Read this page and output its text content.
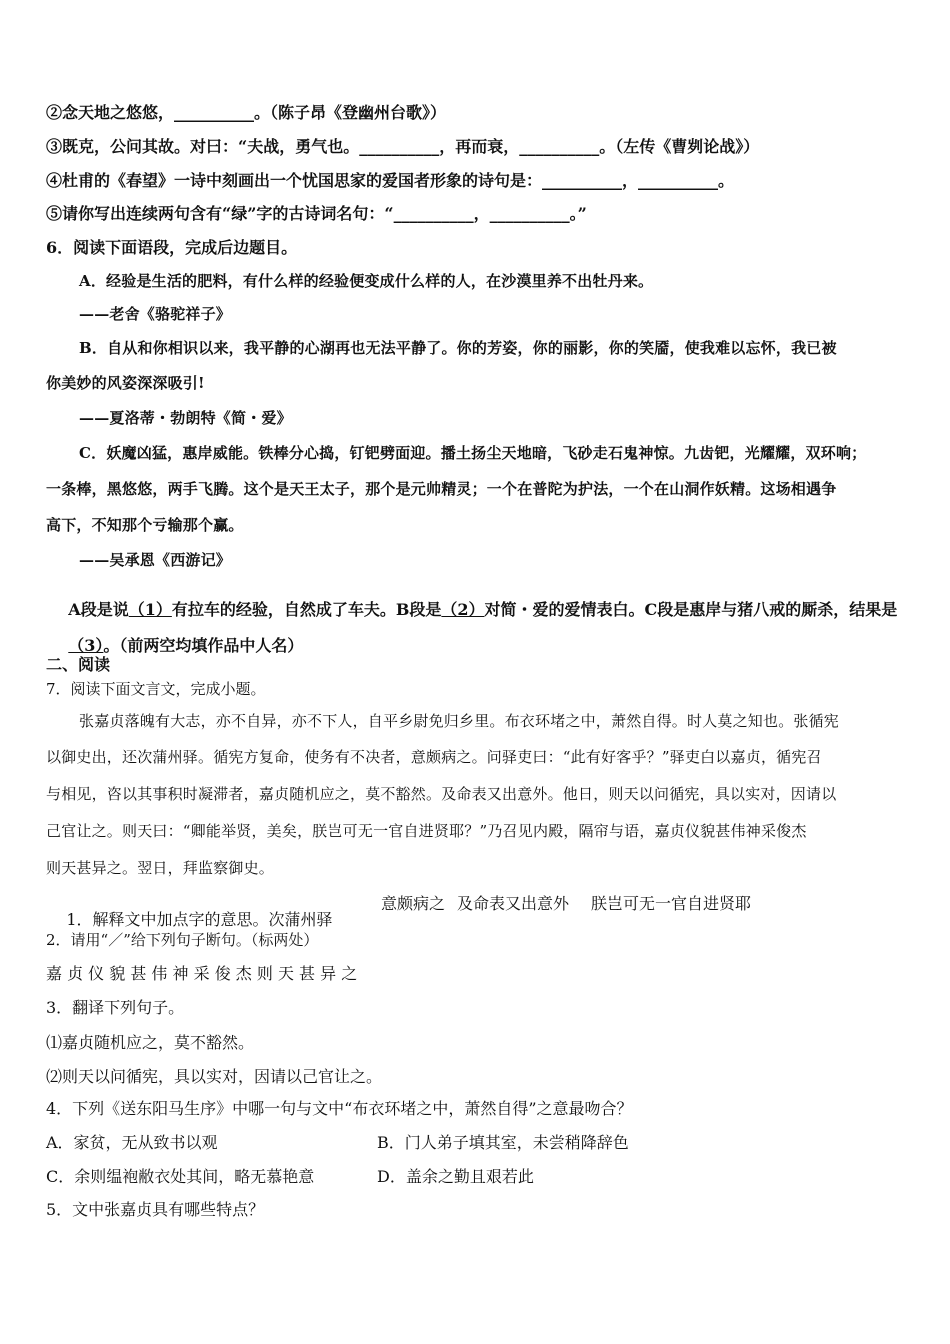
②念天地之悠悠，__________。（陈子昂《登幽州台歌》）
③既克，公问其故。对曰：“夫战，勇气也。__________，再而衰，__________。（左传《曹刿论战》）
④杜甫的《春望》一诗中刻画出一个忧国思家的爱国者形象的诗句是：__________，__________。
⑤请你写出连续两句含有“绿”字的古诗词名句：“__________，__________。”
6．阅读下面语段，完成后边题目。
A．经验是生活的肥料，有什么样的经验便变成什么样的人，在沙漠里养不出牡丹来。
——老舍《骆驼祥子》
B．自从和你相识以来，我平静的心湖再也无法平静了。你的芳姿，你的丽影，你的笑靥，使我难以忘怀，我已被
你美妙的风姿深深吸引!
——夏洛蒂・勃朗特《简・爱》
C．妖魔凶猛，惠岸威能。铁棒分心捣，钉钯劈面迎。播土扬尘天地暗，飞砂走石鬼神惊。九齿钯，光耀耀，双环响；
一条棒，黑悠悠，两手飞腾。这个是天王太子，那个是元帅精灵；一个在普陀为护法，一个在山洞作妖精。这场相遇争
高下，不知那个亏输那个赢。
——吴承恩《西游记》

A段是说（1）有拉车的经验，自然成了车夫。B段是（2）对简・爱的爱情表白。C段是惠岸与猪八戒的厮杀，结果是

（3）。（前两空均填作品中人名）

二、阅读
7．阅读下面文言文，完成小题。
张嘉贞落魄有大志，亦不自异，亦不下人，自平乡尉免归乡里。布衣环堵之中，萧然自得。时人莫之知也。张循宪
以御史出，还次蒲州驿。循宪方复命，使务有不决者，意颇病之。问驿吏曰：“此有好客乎？”驿吏白以嘉贞，循宪召
与相见，咨以其事积时凝滞者，嘉贞随机应之，莫不豁然。及命表又出意外。他日，则天以问循宪，具以实对，因请以
己官让之。则天曰：“卿能举贤，美矣，朕岂可无一官自进贤耶？”乃召见内殿，隔帘与语，嘉贞仪貌甚伟神采俊杰
则天甚异之。翌日，拜监察御史。

1．解释文中加点字的意思。次蒲州驿

意颇病之 及命表又出意外 朕岂可无一官自进贤耶
2．请用“／”给下列句子断句。（标两处）
嘉 贞 仪 貌 甚 伟 神 采 俊 杰 则 天 甚 异 之
3．翻译下列句子。
⑴嘉贞随机应之，莫不豁然。
⑵则天以问循宪，具以实对，因请以己官让之。
4．下列《送东阳马生序》中哪一句与文中“布衣环堵之中，萧然自得”之意最吻合？
A．家贫，无从致书以观	B．门人弟子填其室，未尝稍降辞色
C．余则缊袍敝衣处其间，略无慕艳意	D．盖余之勤且艰若此
5．文中张嘉贞具有哪些特点？
